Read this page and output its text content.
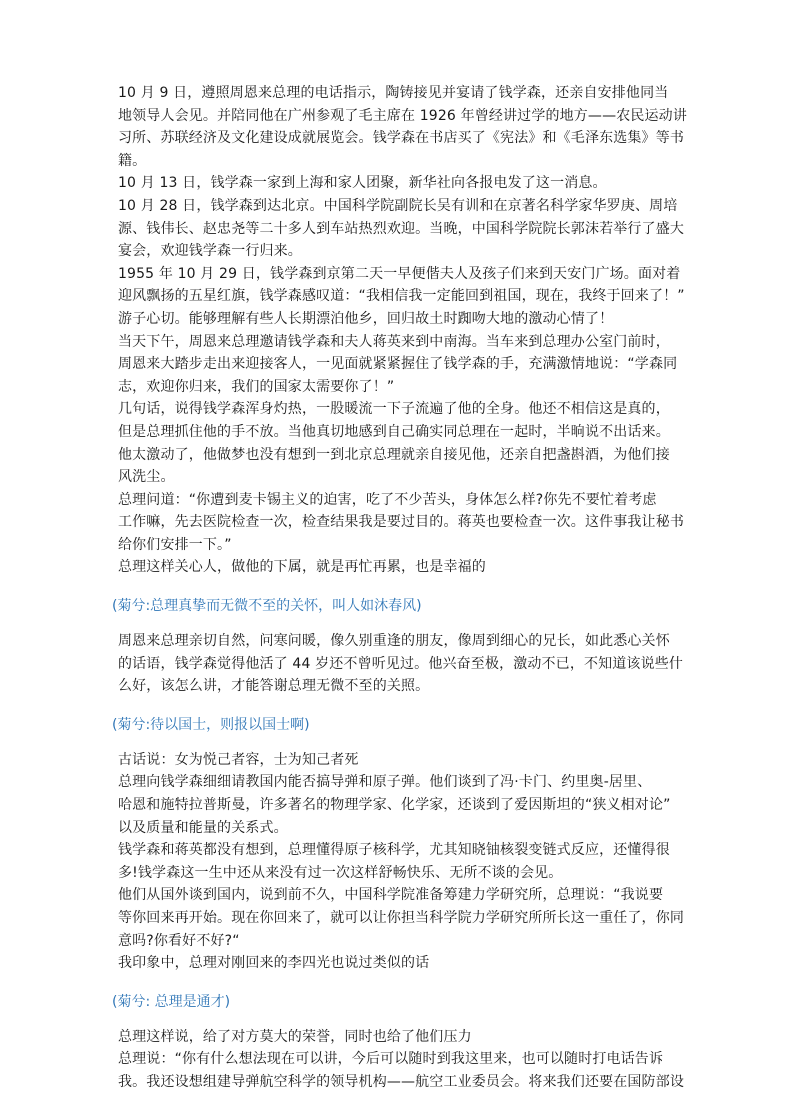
10 月 9 日，遵照周恩来总理的电话指示，陶铸接见并宴请了钱学森，还亲自安排他同当
地领导人会见。并陪同他在广州参观了毛主席在 1926 年曾经讲过学的地方——农民运动讲
习所、苏联经济及文化建设成就展览会。钱学森在书店买了《宪法》和《毛泽东选集》等书
籍。

10 月 13 日，钱学森一家到上海和家人团聚，新华社向各报电发了这一消息。

10 月 28 日，钱学森到达北京。中国科学院副院长吴有训和在京著名科学家华罗庚、周培
源、钱伟长、赵忠尧等二十多人到车站热烈欢迎。当晚，中国科学院院长郭沫若举行了盛大
宴会，欢迎钱学森一行归来。

1955 年 10 月 29 日，钱学森到京第二天一早便偕夫人及孩子们来到天安门广场。面对着
迎风飘扬的五星红旗，钱学森感叹道：“我相信我一定能回到祖国，现在，我终于回来了！”
游子心切。能够理解有些人长期漂泊他乡，回归故土时踟吻大地的激动心情了！

当天下午，周恩来总理邀请钱学森和夫人蒋英来到中南海。当车来到总理办公室门前时，
周恩来大踏步走出来迎接客人，一见面就紧紧握住了钱学森的手，充满激情地说：“学森同
志，欢迎你归来，我们的国家太需要你了！”

几句话，说得钱学森浑身灼热，一股暖流一下子流遍了他的全身。他还不相信这是真的，
但是总理抓住他的手不放。当他真切地感到自己确实同总理在一起时，半晌说不出话来。

他太激动了，他做梦也没有想到一到北京总理就亲自接见他，还亲自把盏斟酒，为他们接
风洗尘。

总理问道：“你遭到麦卡锡主义的迫害，吃了不少苦头，身体怎么样?你先不要忙着考虑
工作嘛，先去医院检查一次，检查结果我是要过目的。蒋英也要检查一次。这件事我让秘书
给你们安排一下。”

总理这样关心人，做他的下属，就是再忙再累，也是幸福的

(菊兮:总理真挚而无微不至的关怀，叫人如沐春风)

周恩来总理亲切自然，问寒问暖，像久别重逢的朋友，像周到细心的兄长，如此悉心关怀
的话语，钱学森觉得他活了 44 岁还不曾听见过。他兴奋至极，激动不已，不知道该说些什
么好，该怎么讲，才能答谢总理无微不至的关照。

(菊兮:待以国士，则报以国士啊)

古话说：女为悦己者容，士为知己者死

总理向钱学森细细请教国内能否搞导弹和原子弹。他们谈到了冯·卡门、约里奥-居里、
哈恩和施特拉普斯曼，许多著名的物理学家、化学家，还谈到了爱因斯坦的“狭义相对论”
以及质量和能量的关系式。

钱学森和蒋英都没有想到，总理懂得原子核科学，尤其知晓铀核裂变链式反应，还懂得很
多!钱学森这一生中还从来没有过一次这样舒畅快乐、无所不谈的会见。

他们从国外谈到国内，说到前不久，中国科学院准备筹建力学研究所，总理说：“我说要
等你回来再开始。现在你回来了，就可以让你担当科学院力学研究所所长这一重任了，你同
意吗?你看好不好?“

我印象中，总理对刚回来的李四光也说过类似的话

(菊兮: 总理是通才)

总理这样说，给了对方莫大的荣誉，同时也给了他们压力

总理说：“你有什么想法现在可以讲，今后可以随时到我这里来，也可以随时打电话告诉
我。我还设想组建导弹航空科学的领导机构——航空工业委员会。将来我们还要在国防部设
